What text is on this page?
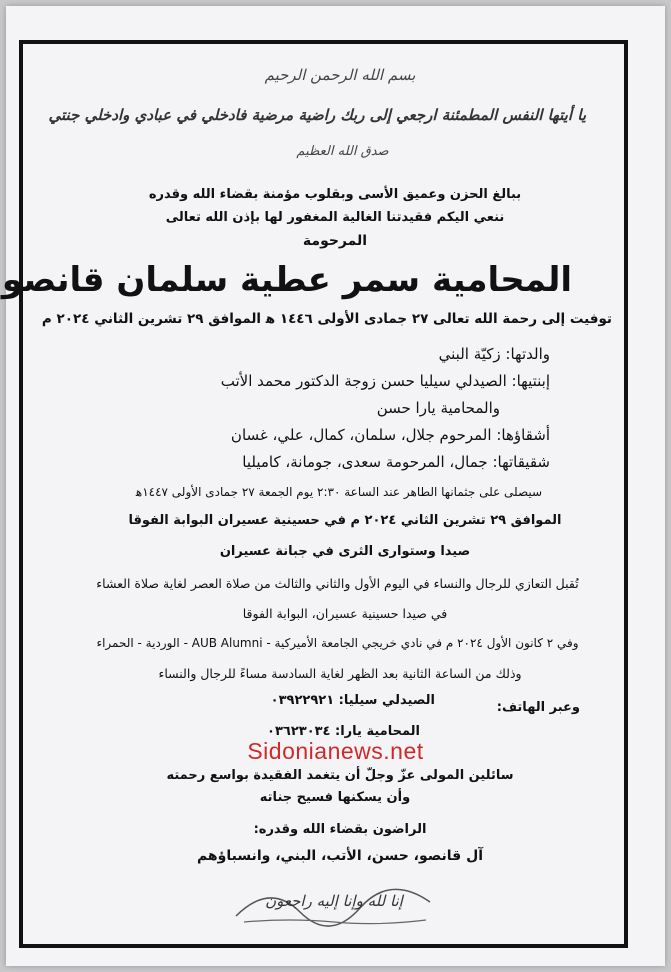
بسم الله الرحمن الرحيم
يا أيتها النفس المطمئنة ارجعي إلى ربك راضية مرضية فادخلي في عبادي وادخلي جنتي
صدق الله العظيم
ببالغ الحزن وعميق الأسى وبقلوب مؤمنة بقضاء الله وقدره
ننعي اليكم فقيدتنا الغالية المغفور لها بإذن الله تعالى
المرحومة
المحامية سمر عطية سلمان قانصو
توفيت إلى رحمة الله تعالى ٢٧ جمادى الأولى ١٤٤٦ ﻫ الموافق ٢٩ تشرين الثاني ٢٠٢٤ م
والدتها: زكيّة البني
إبنتيها: الصيدلي سيليا حسن زوجة الدكتور محمد الأتب
والمحامية يارا حسن
أشقاؤها: المرحوم جلال، سلمان، كمال، علي، غسان
شقيقاتها: جمال، المرحومة سعدى، جومانة، كاميليا
سيصلى على جثمانها الطاهر عند الساعة ٢:٣٠ يوم الجمعة ٢٧ جمادى الأولى ١٤٤٧ﻫ
الموافق ٢٩ تشرين الثاني ٢٠٢٤ م في حسينية عسيران البوابة الفوقا
صيدا وستوارى الثرى في جبانة عسيران
تُقبل التعازي للرجال والنساء في اليوم الأول والثاني والثالث من صلاة العصر لغاية صلاة العشاء
في صيدا حسينية عسيران، البوابة الفوقا
وفي ٢ كانون الأول ٢٠٢٤ م في نادي خريجي الجامعة الأميركية - AUB Alumni - الوردية - الحمراء
وذلك من الساعة الثانية بعد الظهر لغاية السادسة مساءً للرجال والنساء
وعبر الهاتف:
الصيدلي سيليا: ٠٣٩٢٢٩٢١
المحامية يارا: ٠٣٦٢٣٠٣٤
Sidonianews.net
سائلين المولى عزّ وجلّ أن يتغمد الفقيدة بواسع رحمته
وأن يسكنها فسيح جناته
الراضون بقضاء الله وقدره:
آل قانصو، حسن، الأتب، البني، وانسباؤهم
إنا لله وإنا إليه راجعون
